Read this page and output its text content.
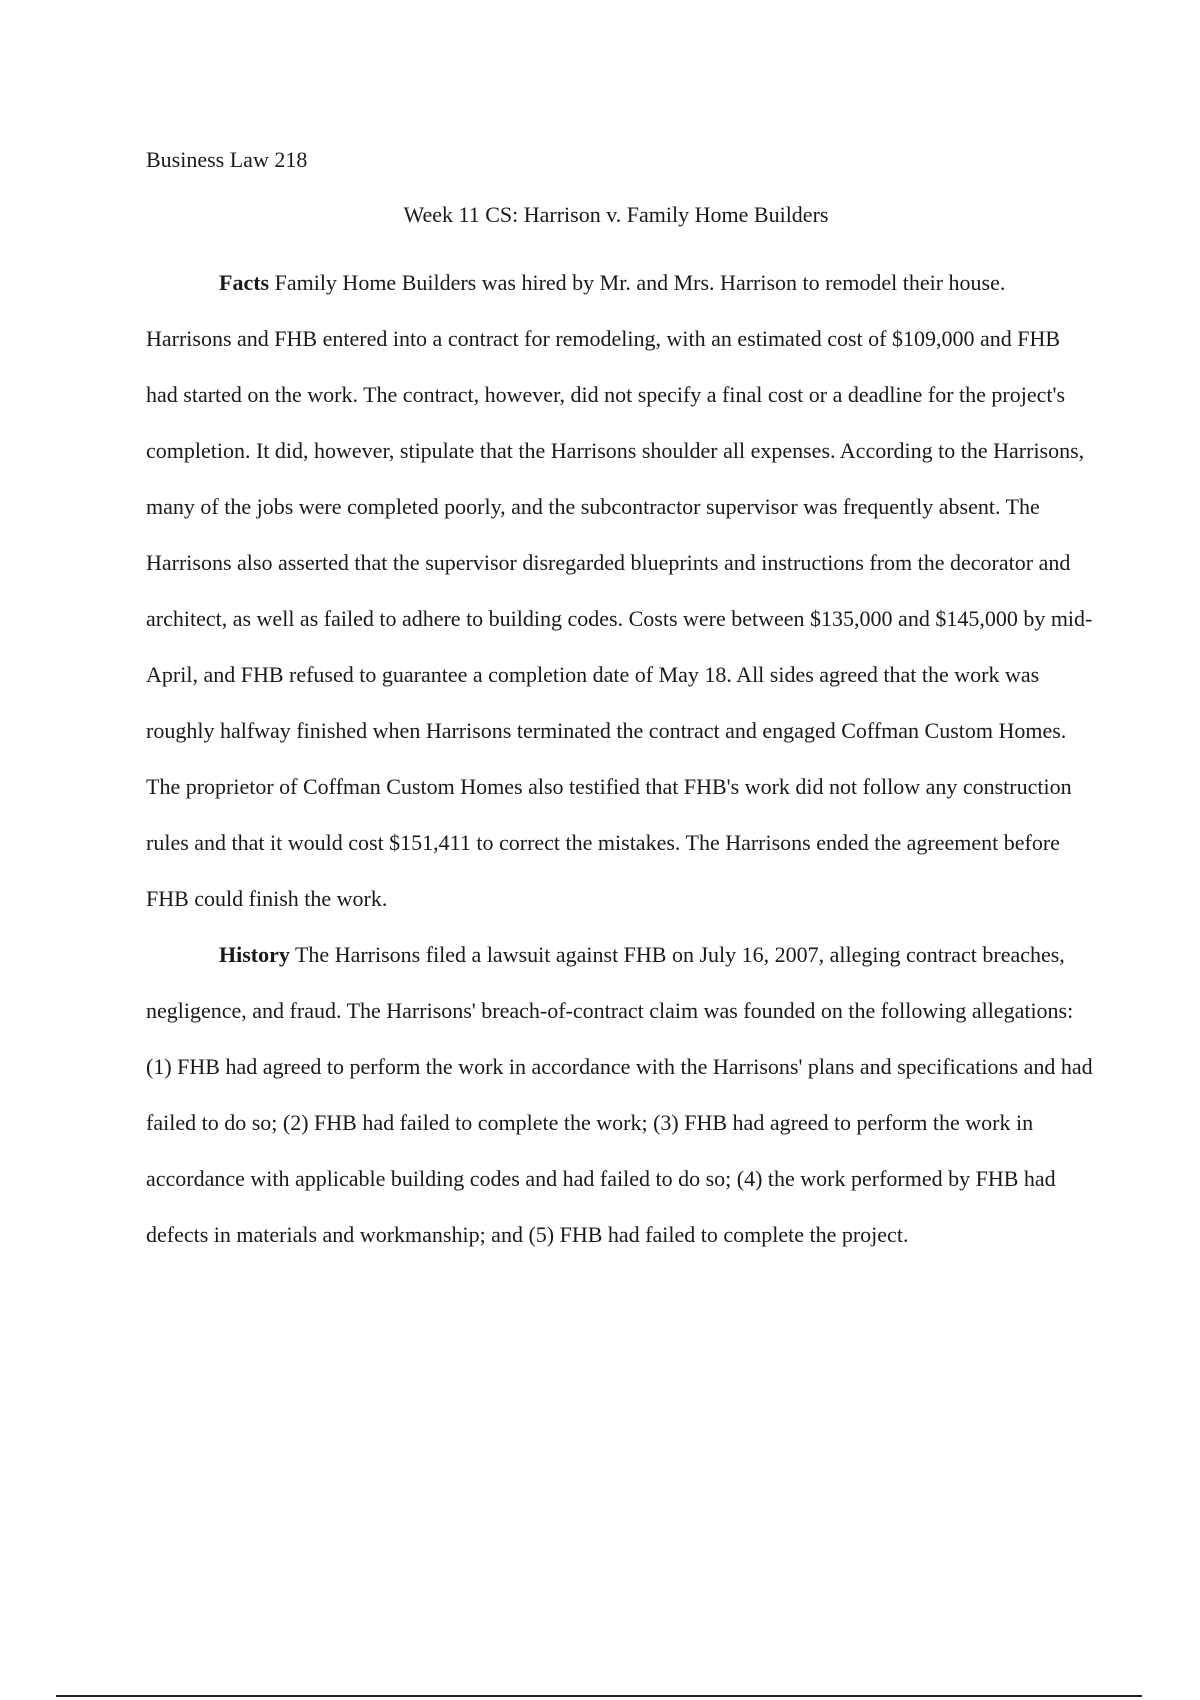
Business Law 218

Week 11 CS: Harrison v. Family Home Builders

Facts Family Home Builders was hired by Mr. and Mrs. Harrison to remodel their house. Harrisons and FHB entered into a contract for remodeling, with an estimated cost of $109,000 and FHB had started on the work. The contract, however, did not specify a final cost or a deadline for the project's completion. It did, however, stipulate that the Harrisons shoulder all expenses. According to the Harrisons, many of the jobs were completed poorly, and the subcontractor supervisor was frequently absent. The Harrisons also asserted that the supervisor disregarded blueprints and instructions from the decorator and architect, as well as failed to adhere to building codes. Costs were between $135,000 and $145,000 by mid-April, and FHB refused to guarantee a completion date of May 18. All sides agreed that the work was roughly halfway finished when Harrisons terminated the contract and engaged Coffman Custom Homes. The proprietor of Coffman Custom Homes also testified that FHB's work did not follow any construction rules and that it would cost $151,411 to correct the mistakes. The Harrisons ended the agreement before FHB could finish the work.

History The Harrisons filed a lawsuit against FHB on July 16, 2007, alleging contract breaches, negligence, and fraud. The Harrisons' breach-of-contract claim was founded on the following allegations: (1) FHB had agreed to perform the work in accordance with the Harrisons' plans and specifications and had failed to do so; (2) FHB had failed to complete the work; (3) FHB had agreed to perform the work in accordance with applicable building codes and had failed to do so; (4) the work performed by FHB had defects in materials and workmanship; and (5) FHB had failed to complete the project.
